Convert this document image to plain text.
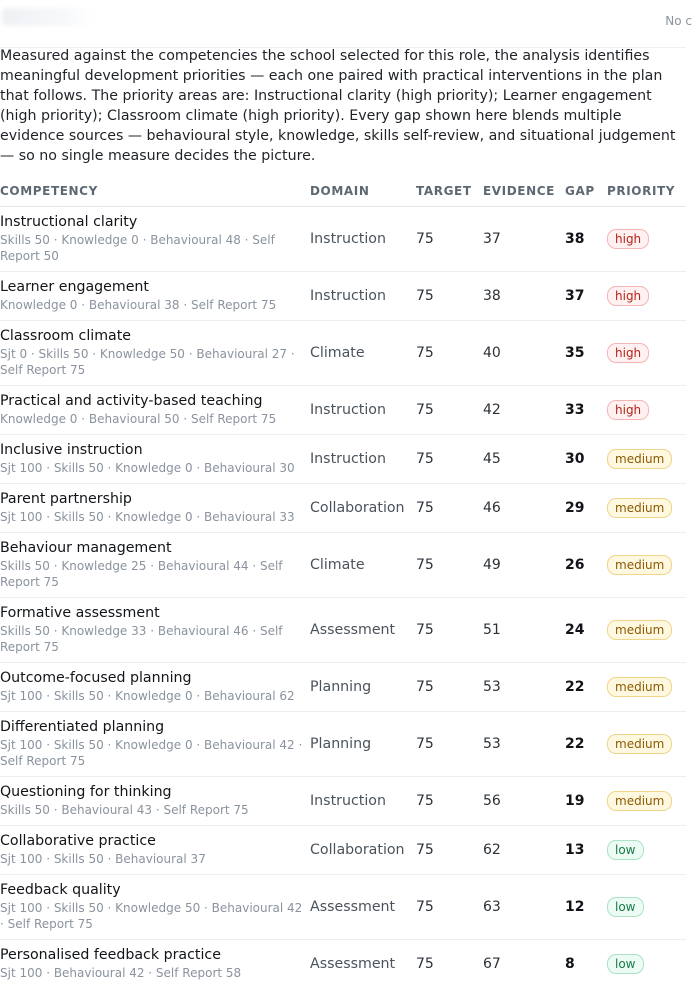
No c

Measured against the competencies the school selected for this role, the analysis identifies meaningful development priorities — each one paired with practical interventions in the plan that follows. The priority areas are: Instructional clarity (high priority); Learner engagement (high priority); Classroom climate (high priority). Every gap shown here blends multiple evidence sources — behavioural style, knowledge, skills self-review, and situational judgement — so no single measure decides the picture.

COMPETENCY	DOMAIN	TARGET	EVIDENCE	GAP	PRIORITY

Instructional clarity
Skills 50 · Knowledge 0 · Behavioural 48 · Self Report 50	Instruction	75	37	38	high

Learner engagement
Knowledge 0 · Behavioural 38 · Self Report 75	Instruction	75	38	37	high

Classroom climate
Sjt 0 · Skills 50 · Knowledge 50 · Behavioural 27 · Self Report 75	Climate	75	40	35	high

Practical and activity-based teaching
Knowledge 0 · Behavioural 50 · Self Report 75	Instruction	75	42	33	high

Inclusive instruction
Sjt 100 · Skills 50 · Knowledge 0 · Behavioural 30	Instruction	75	45	30	medium

Parent partnership
Sjt 100 · Skills 50 · Knowledge 0 · Behavioural 33	Collaboration	75	46	29	medium

Behaviour management
Skills 50 · Knowledge 25 · Behavioural 44 · Self Report 75	Climate	75	49	26	medium

Formative assessment
Skills 50 · Knowledge 33 · Behavioural 46 · Self Report 75	Assessment	75	51	24	medium

Outcome-focused planning
Sjt 100 · Skills 50 · Knowledge 0 · Behavioural 62	Planning	75	53	22	medium

Differentiated planning
Sjt 100 · Skills 50 · Knowledge 0 · Behavioural 42 · Self Report 75	Planning	75	53	22	medium

Questioning for thinking
Skills 50 · Behavioural 43 · Self Report 75	Instruction	75	56	19	medium

Collaborative practice
Sjt 100 · Skills 50 · Behavioural 37	Collaboration	75	62	13	low

Feedback quality
Sjt 100 · Skills 50 · Knowledge 50 · Behavioural 42 · Self Report 75	Assessment	75	63	12	low

Personalised feedback practice
Sjt 100 · Behavioural 42 · Self Report 58	Assessment	75	67	8	low
